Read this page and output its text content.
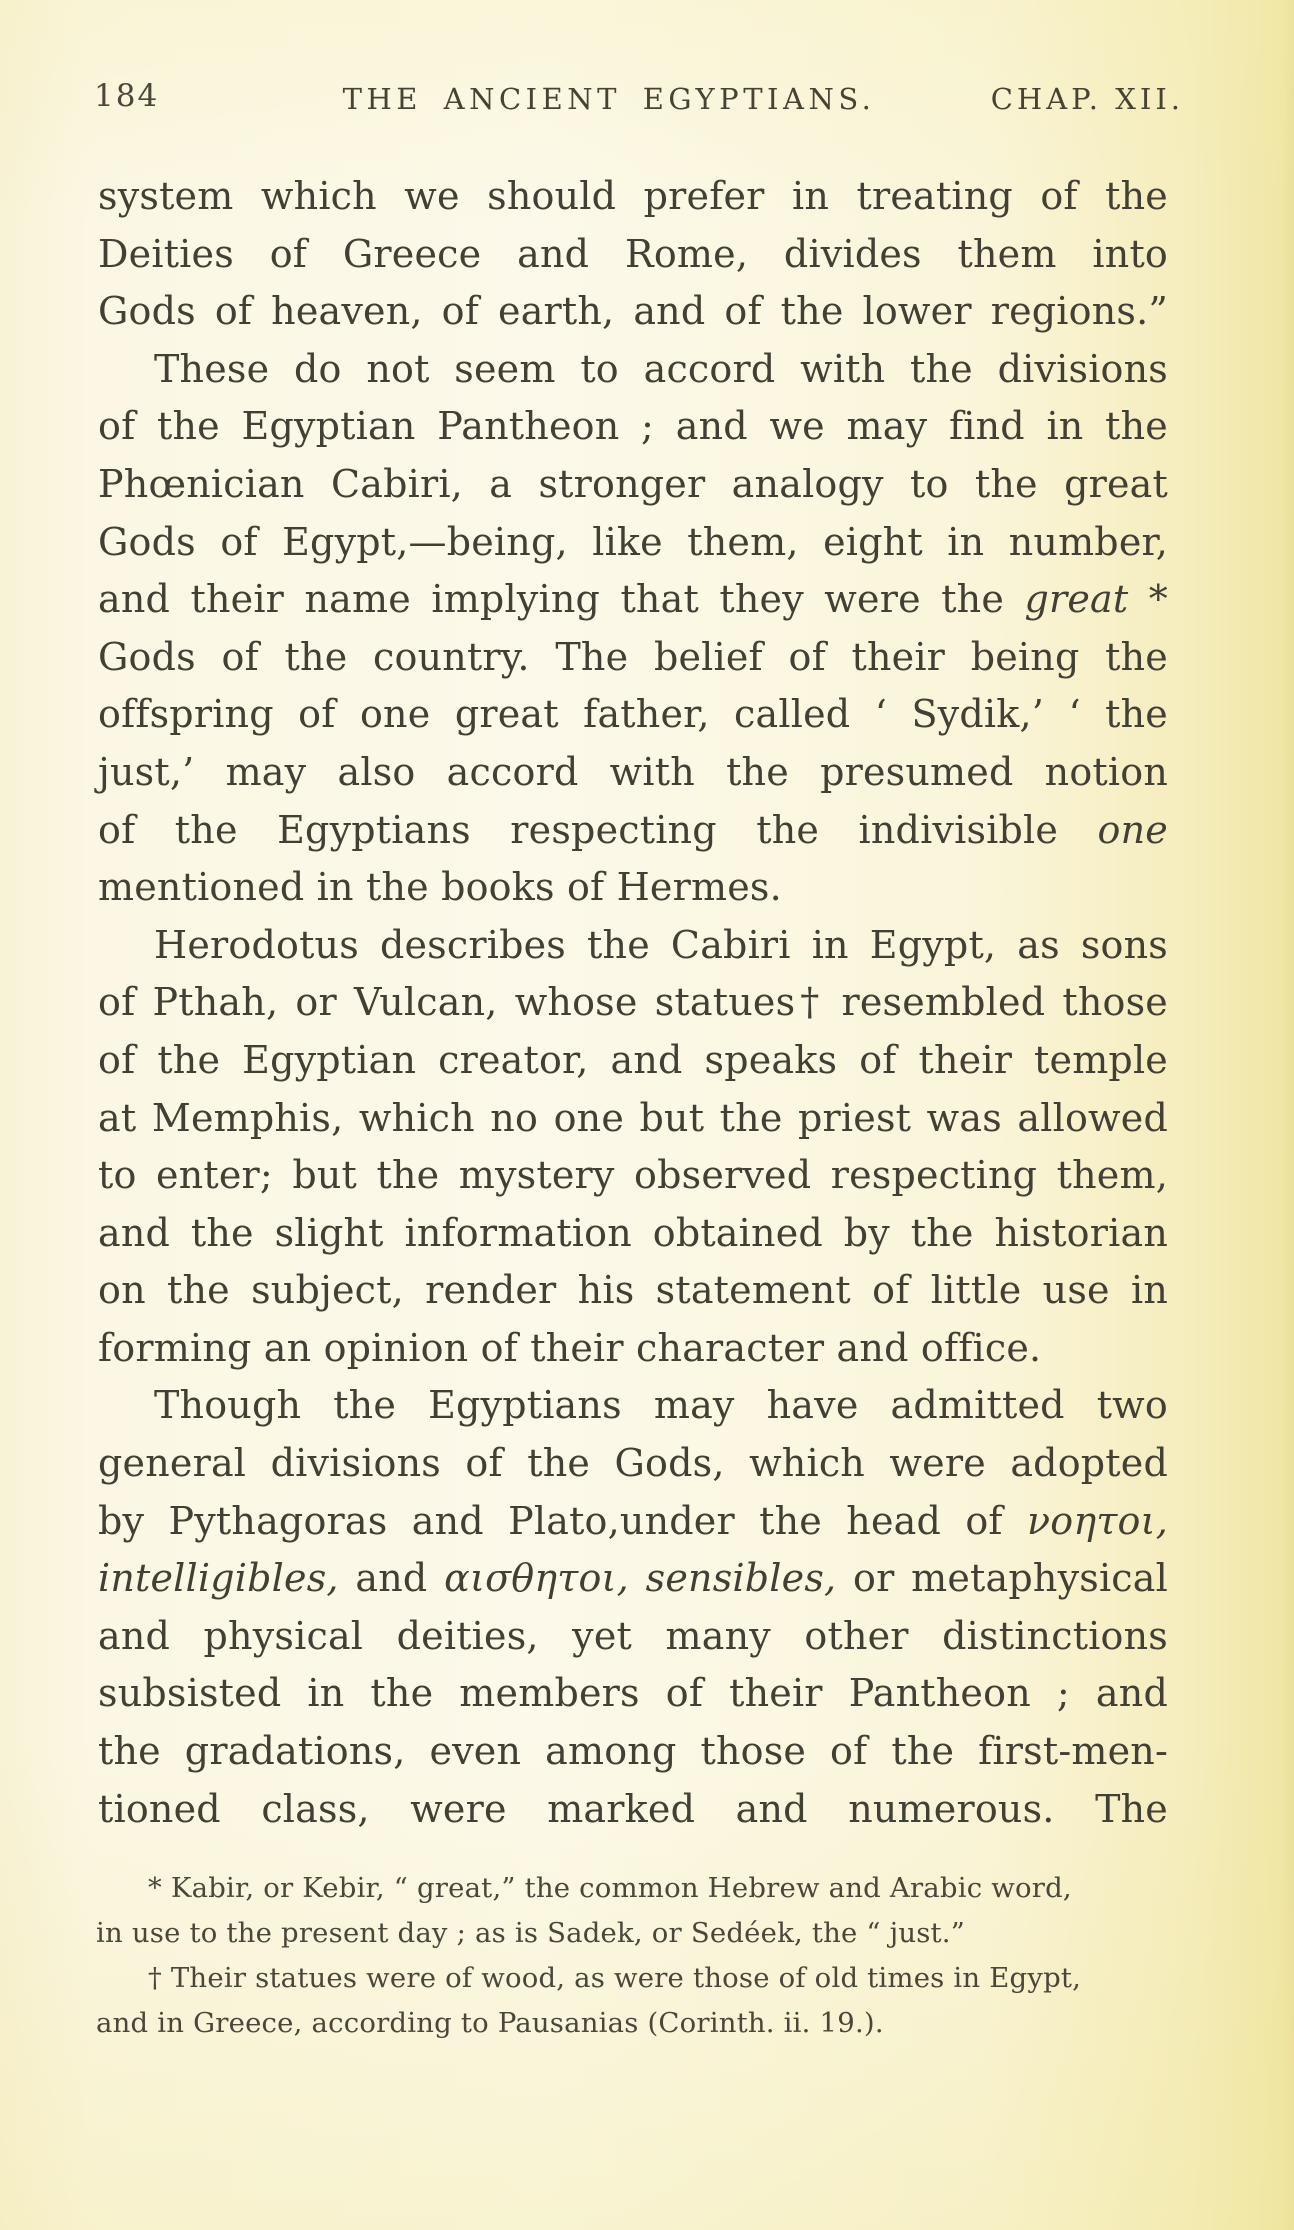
184	THE ANCIENT EGYPTIANS.	CHAP. XII.
system which we should prefer in treating of the
Deities of Greece and Rome, divides them into
Gods of heaven, of earth, and of the lower regions.”
These do not seem to accord with the divisions
of the Egyptian Pantheon ; and we may find in the
Phœnician Cabiri, a stronger analogy to the great
Gods of Egypt,—being, like them, eight in number,
and their name implying that they were the great *
Gods of the country. The belief of their being the
offspring of one great father, called ‘ Sydik,’ ‘ the
just,’ may also accord with the presumed notion
of the Egyptians respecting the indivisible one
mentioned in the books of Hermes.
Herodotus describes the Cabiri in Egypt, as sons
of Pthah, or Vulcan, whose statues† resembled those
of the Egyptian creator, and speaks of their temple
at Memphis, which no one but the priest was allowed
to enter; but the mystery observed respecting them,
and the slight information obtained by the historian
on the subject, render his statement of little use in
forming an opinion of their character and office.
Though the Egyptians may have admitted two
general divisions of the Gods, which were adopted
by Pythagoras and Plato,under the head of νοητοι,
intelligibles, and αισθητοι, sensibles, or metaphysical
and physical deities, yet many other distinctions
subsisted in the members of their Pantheon ; and
the gradations, even among those of the first-men-
tioned class, were marked and numerous. The
* Kabir, or Kebir, “ great,” the common Hebrew and Arabic word,
in use to the present day ; as is Sadek, or Sedéek, the “ just.”
† Their statues were of wood, as were those of old times in Egypt,
and in Greece, according to Pausanias (Corinth. ii. 19.).
